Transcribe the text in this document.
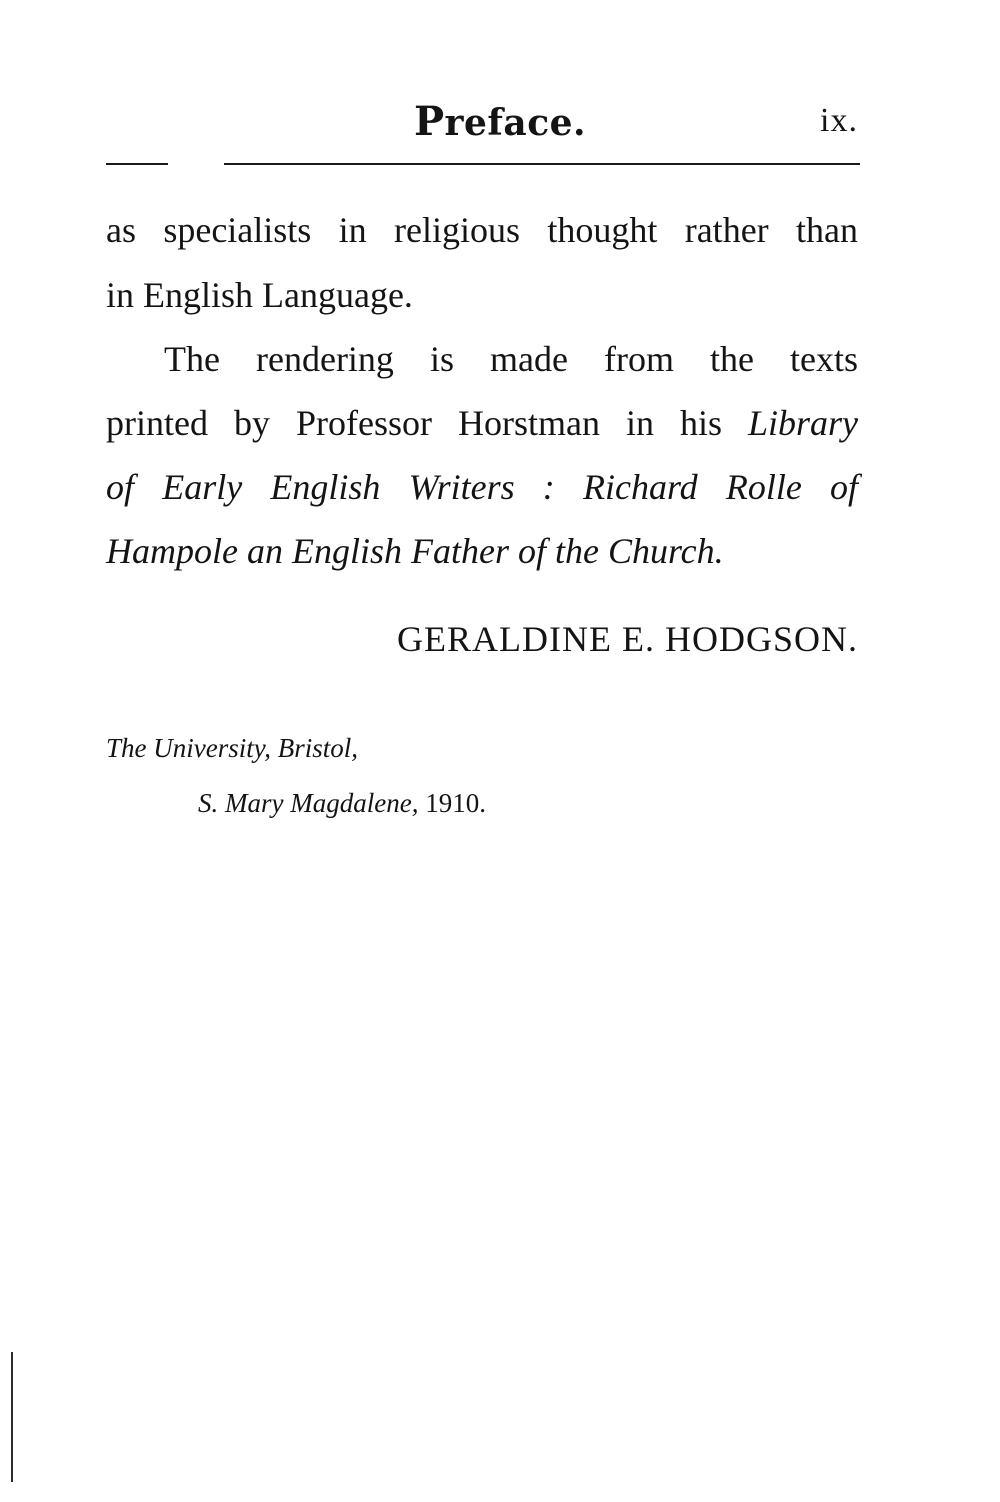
Preface.	ix.
as specialists in religious thought rather than
in English Language.
The rendering is made from the texts
printed by Professor Horstman in his Library
of Early English Writers : Richard Rolle of
Hampole an English Father of the Church.
GERALDINE E. HODGSON.
The University, Bristol,
S. Mary Magdalene, 1910.
